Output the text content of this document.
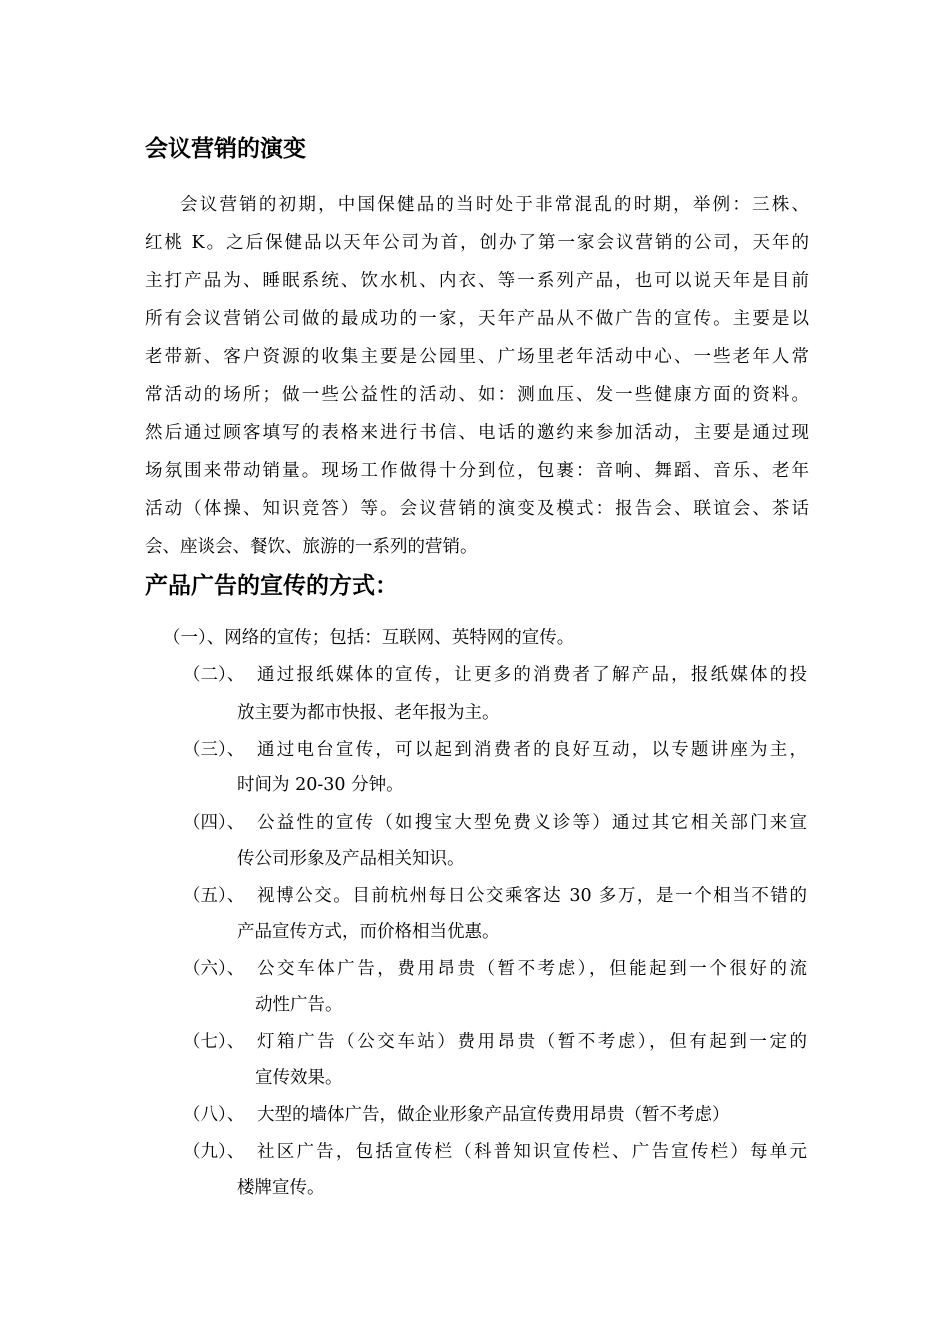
会议营销的演变
会议营销的初期，中国保健品的当时处于非常混乱的时期，举例：三株、
红桃 K。之后保健品以天年公司为首，创办了第一家会议营销的公司，天年的
主打产品为、睡眠系统、饮水机、内衣、等一系列产品，也可以说天年是目前
所有会议营销公司做的最成功的一家，天年产品从不做广告的宣传。主要是以
老带新、客户资源的收集主要是公园里、广场里老年活动中心、一些老年人常
常活动的场所；做一些公益性的活动、如：测血压、发一些健康方面的资料。
然后通过顾客填写的表格来进行书信、电话的邀约来参加活动，主要是通过现
场氛围来带动销量。现场工作做得十分到位，包裹：音响、舞蹈、音乐、老年
活动（体操、知识竞答）等。会议营销的演变及模式：报告会、联谊会、茶话
会、座谈会、餐饮、旅游的一系列的营销。
产品广告的宣传的方式：
（一）、网络的宣传；包括：互联网、英特网的宣传。
（二）、 通过报纸媒体的宣传，让更多的消费者了解产品，报纸媒体的投
放主要为都市快报、老年报为主。
（三）、 通过电台宣传，可以起到消费者的良好互动，以专题讲座为主，
时间为 20-30 分钟。
（四）、 公益性的宣传（如搜宝大型免费义诊等）通过其它相关部门来宣
传公司形象及产品相关知识。
（五）、 视博公交。目前杭州每日公交乘客达 30 多万，是一个相当不错的
产品宣传方式，而价格相当优惠。
（六）、 公交车体广告，费用昂贵（暂不考虑），但能起到一个很好的流
动性广告。
（七）、 灯箱广告（公交车站）费用昂贵（暂不考虑），但有起到一定的
宣传效果。
（八）、 大型的墙体广告，做企业形象产品宣传费用昂贵（暂不考虑）
（九）、 社区广告，包括宣传栏（科普知识宣传栏、广告宣传栏）每单元
楼牌宣传。
